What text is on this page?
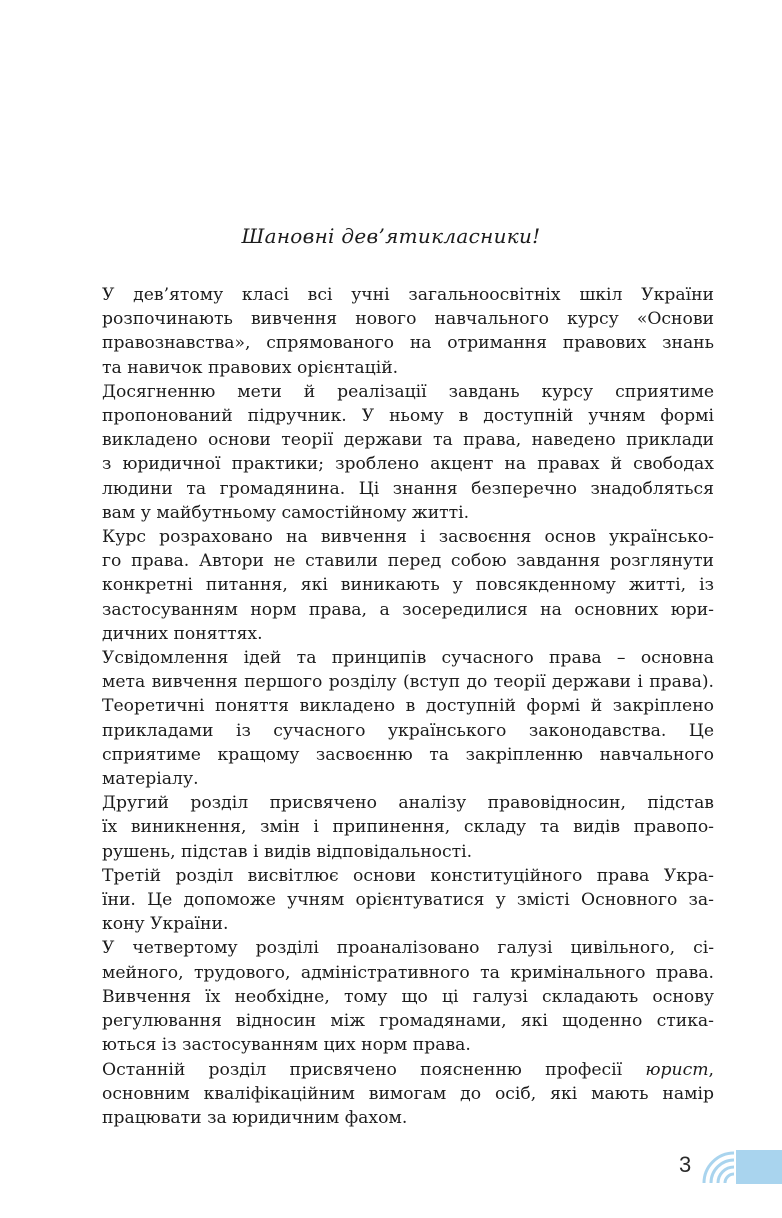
Шановні дев’ятикласники!

У дев’ятому класі всі учні загальноосвітніх шкіл України
розпочинають вивчення нового навчального курсу «Основи
правознавства», спрямованого на отримання правових знань
та навичок правових орієнтацій.

Досягненню мети й реалізації завдань курсу сприятиме
пропонований підручник. У ньому в доступній учням формі
викладено основи теорії держави та права, наведено приклади
з юридичної практики; зроблено акцент на правах й свободах
людини та громадянина. Ці знання безперечно знадобляться
вам у майбутньому самостійному житті.

Курс розраховано на вивчення і засвоєння основ українсько-
го права. Автори не ставили перед собою завдання розглянути
конкретні питання, які виникають у повсякденному житті, із
застосуванням норм права, а зосередилися на основних юри-
дичних поняттях.

Усвідомлення ідей та принципів сучасного права – основна
мета вивчення першого розділу (вступ до теорії держави і права).
Теоретичні поняття викладено в доступній формі й закріплено
прикладами із сучасного українського законодавства. Це
сприятиме кращому засвоєнню та закріпленню навчального
матеріалу.

Другий розділ присвячено аналізу правовідносин, підстав
їх виникнення, змін і припинення, складу та видів правопо-
рушень, підстав і видів відповідальності.

Третій розділ висвітлює основи конституційного права Укра-
їни. Це допоможе учням орієнтуватися у змісті Основного за-
кону України.

У четвертому розділі проаналізовано галузі цивільного, сі-
мейного, трудового, адміністративного та кримінального права.
Вивчення їх необхідне, тому що ці галузі складають основу
регулювання відносин між громадянами, які щоденно стика-
ються із застосуванням цих норм права.

Останній розділ присвячено поясненню професії юрист,
основним кваліфікаційним вимогам до осіб, які мають намір
працювати за юридичним фахом.

3
